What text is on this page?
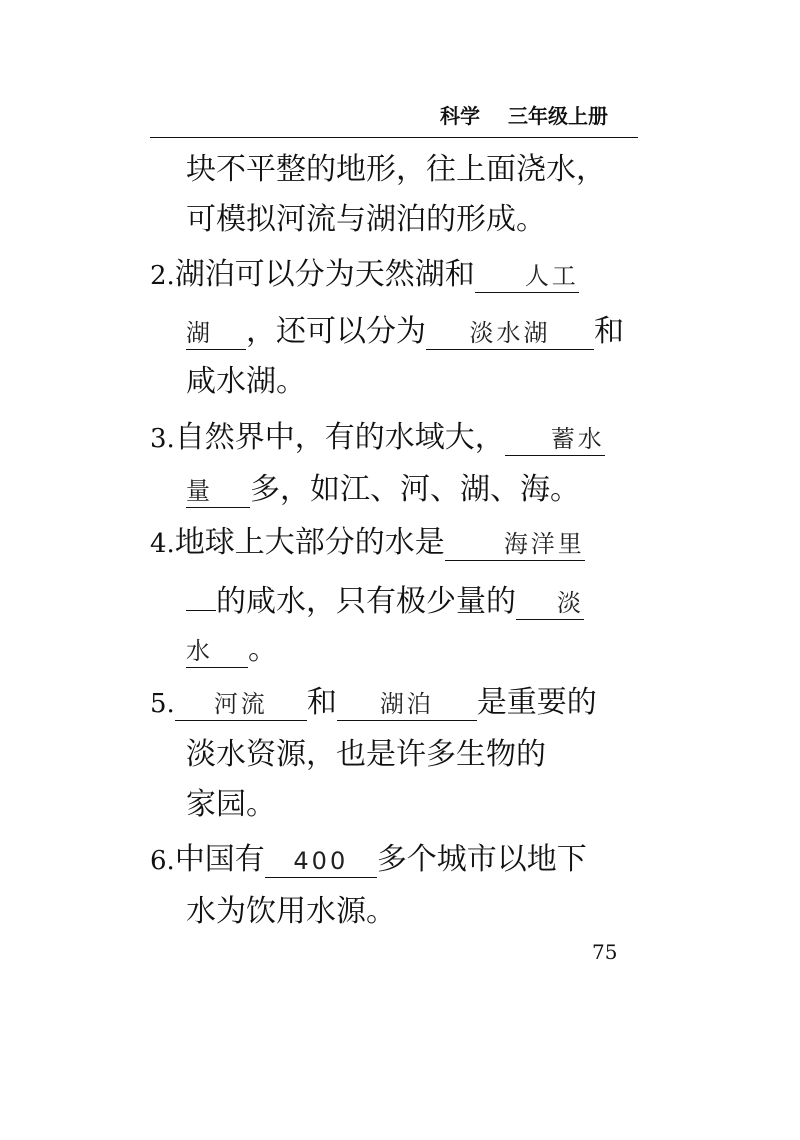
科学 三年级上册
块不平整的地形，往上面浇水，
可模拟河流与湖泊的形成。
2.湖泊可以分为天然湖和 人工
湖 ，还可以分为 淡水湖 和
咸水湖。
3.自然界中，有的水域大， 蓄水
量 多，如江、河、湖、海。
4.地球上大部分的水是 海洋里
的咸水，只有极少量的 淡
水 。
5. 河流 和 湖泊 是重要的
淡水资源，也是许多生物的
家园。
6.中国有 400 多个城市以地下
水为饮用水源。
75
